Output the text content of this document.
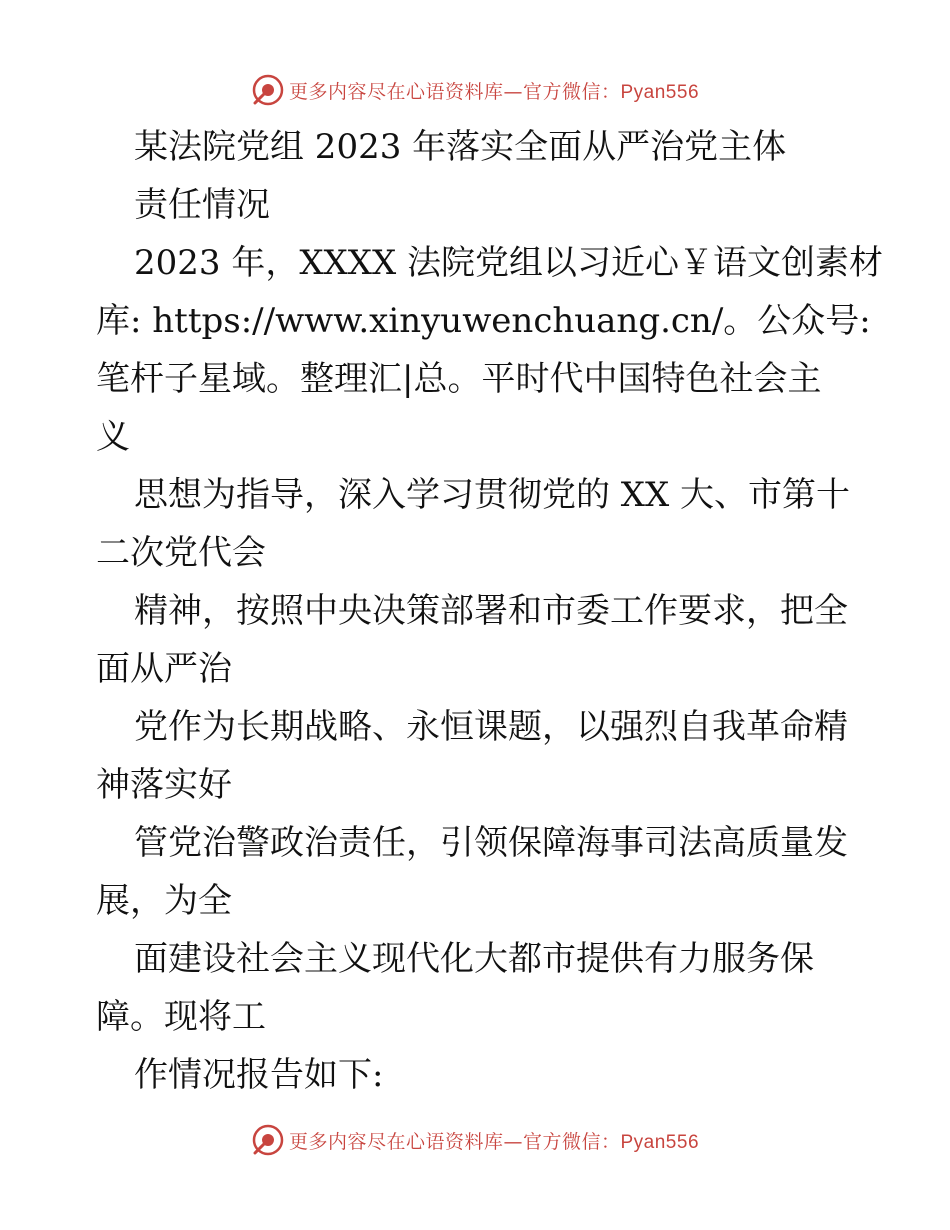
更多内容尽在心语资料库—官方微信：Pyan556
某法院党组 2023 年落实全面从严治党主体
责任情况
2023 年，XXXX 法院党组以习近心￥语文创素材
库: https://www.xinyuwenchuang.cn/。公众号:
笔杆子星域。整理汇|总。平时代中国特色社会主
义
思想为指导，深入学习贯彻党的 XX 大、市第十
二次党代会
精神，按照中央决策部署和市委工作要求，把全
面从严治
党作为长期战略、永恒课题，以强烈自我革命精
神落实好
管党治警政治责任，引领保障海事司法高质量发
展，为全
面建设社会主义现代化大都市提供有力服务保
障。现将工
作情况报告如下:
更多内容尽在心语资料库—官方微信：Pyan556
